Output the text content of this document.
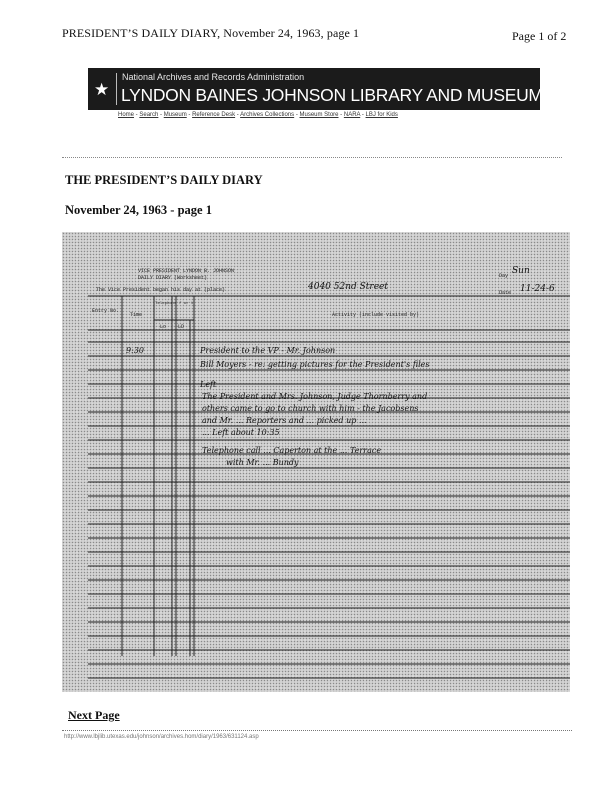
PRESIDENT’S DAILY DIARY, November 24, 1963, page 1	Page 1 of 2
★
National Archives and Records Administration
LYNDON BAINES JOHNSON LIBRARY AND MUSEUM
Home - Search - Museum - Reference Desk - Archives Collections - Museum Store - NARA - LBJ for Kids
THE PRESIDENT’S DAILY DIARY
November 24, 1963 - page 1
VICE PRESIDENT LYNDON B. JOHNSON
DAILY DIARY (Worksheet)
The Vice President began his day at (place)	4040 52nd Street
Day Sun
Date 11-24-6
Entry No.
Time
Telephone f or t
Lo LD
Activity (include visited by)
9:30	President to the VP - Mr. Johnson
Bill Moyers - re: getting pictures for the President's files
Left
The President and Mrs. Johnson, Judge Thornberry and
others came to go to church with him - the Jacobsens
and Mr. ... Reporters and ... picked up ...
... Left about 10:35
Telephone call ... Caperton at the ... Terrace
with Mr. ... Bundy
Next Page
http://www.lbjlib.utexas.edu/johnson/archives.hom/diary/1963/631124.asp
